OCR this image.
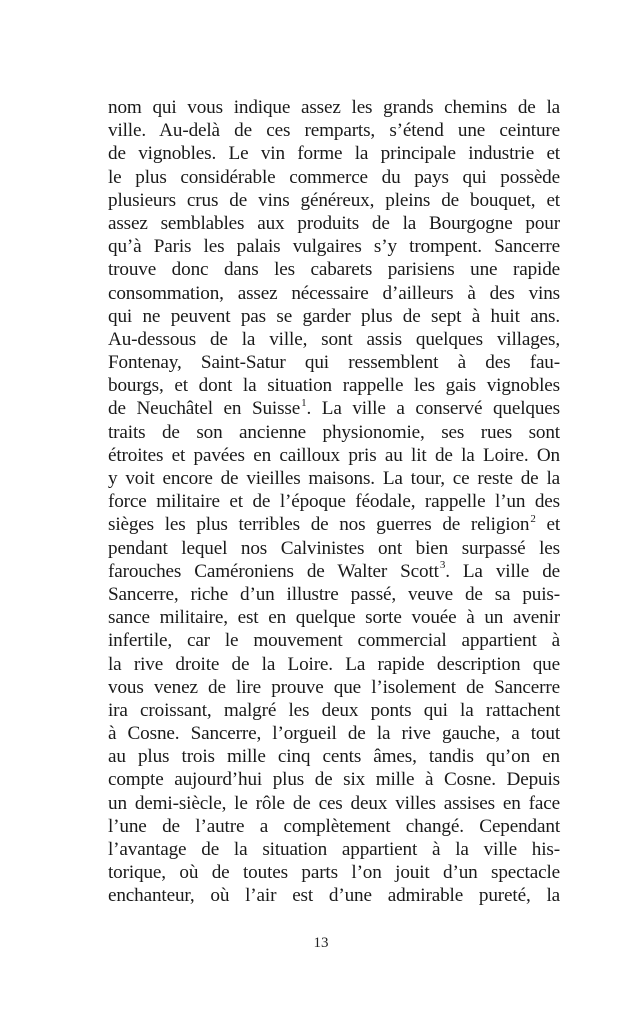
nom qui vous indique assez les grands chemins de la
ville. Au-delà de ces remparts, s’étend une ceinture
de vignobles. Le vin forme la principale industrie et
le plus considérable commerce du pays qui possède
plusieurs crus de vins généreux, pleins de bouquet, et
assez semblables aux produits de la Bourgogne pour
qu’à Paris les palais vulgaires s’y trompent. Sancerre
trouve donc dans les cabarets parisiens une rapide
consommation, assez nécessaire d’ailleurs à des vins
qui ne peuvent pas se garder plus de sept à huit ans.
Au-dessous de la ville, sont assis quelques villages,
Fontenay, Saint-Satur qui ressemblent à des fau-
bourgs, et dont la situation rappelle les gais vignobles
de Neuchâtel en Suisse$^1$. La ville a conservé quelques
traits de son ancienne physionomie, ses rues sont
étroites et pavées en cailloux pris au lit de la Loire. On
y voit encore de vieilles maisons. La tour, ce reste de la
force militaire et de l’époque féodale, rappelle l’un des
sièges les plus terribles de nos guerres de religion$^2$ et
pendant lequel nos Calvinistes ont bien surpassé les
farouches Caméroniens de Walter Scott$^3$. La ville de
Sancerre, riche d’un illustre passé, veuve de sa puis-
sance militaire, est en quelque sorte vouée à un avenir
infertile, car le mouvement commercial appartient à
la rive droite de la Loire. La rapide description que
vous venez de lire prouve que l’isolement de Sancerre
ira croissant, malgré les deux ponts qui la rattachent
à Cosne. Sancerre, l’orgueil de la rive gauche, a tout
au plus trois mille cinq cents âmes, tandis qu’on en
compte aujourd’hui plus de six mille à Cosne. Depuis
un demi-siècle, le rôle de ces deux villes assises en face
l’une de l’autre a complètement changé. Cependant
l’avantage de la situation appartient à la ville his-
torique, où de toutes parts l’on jouit d’un spectacle
enchanteur, où l’air est d’une admirable pureté, la
13
